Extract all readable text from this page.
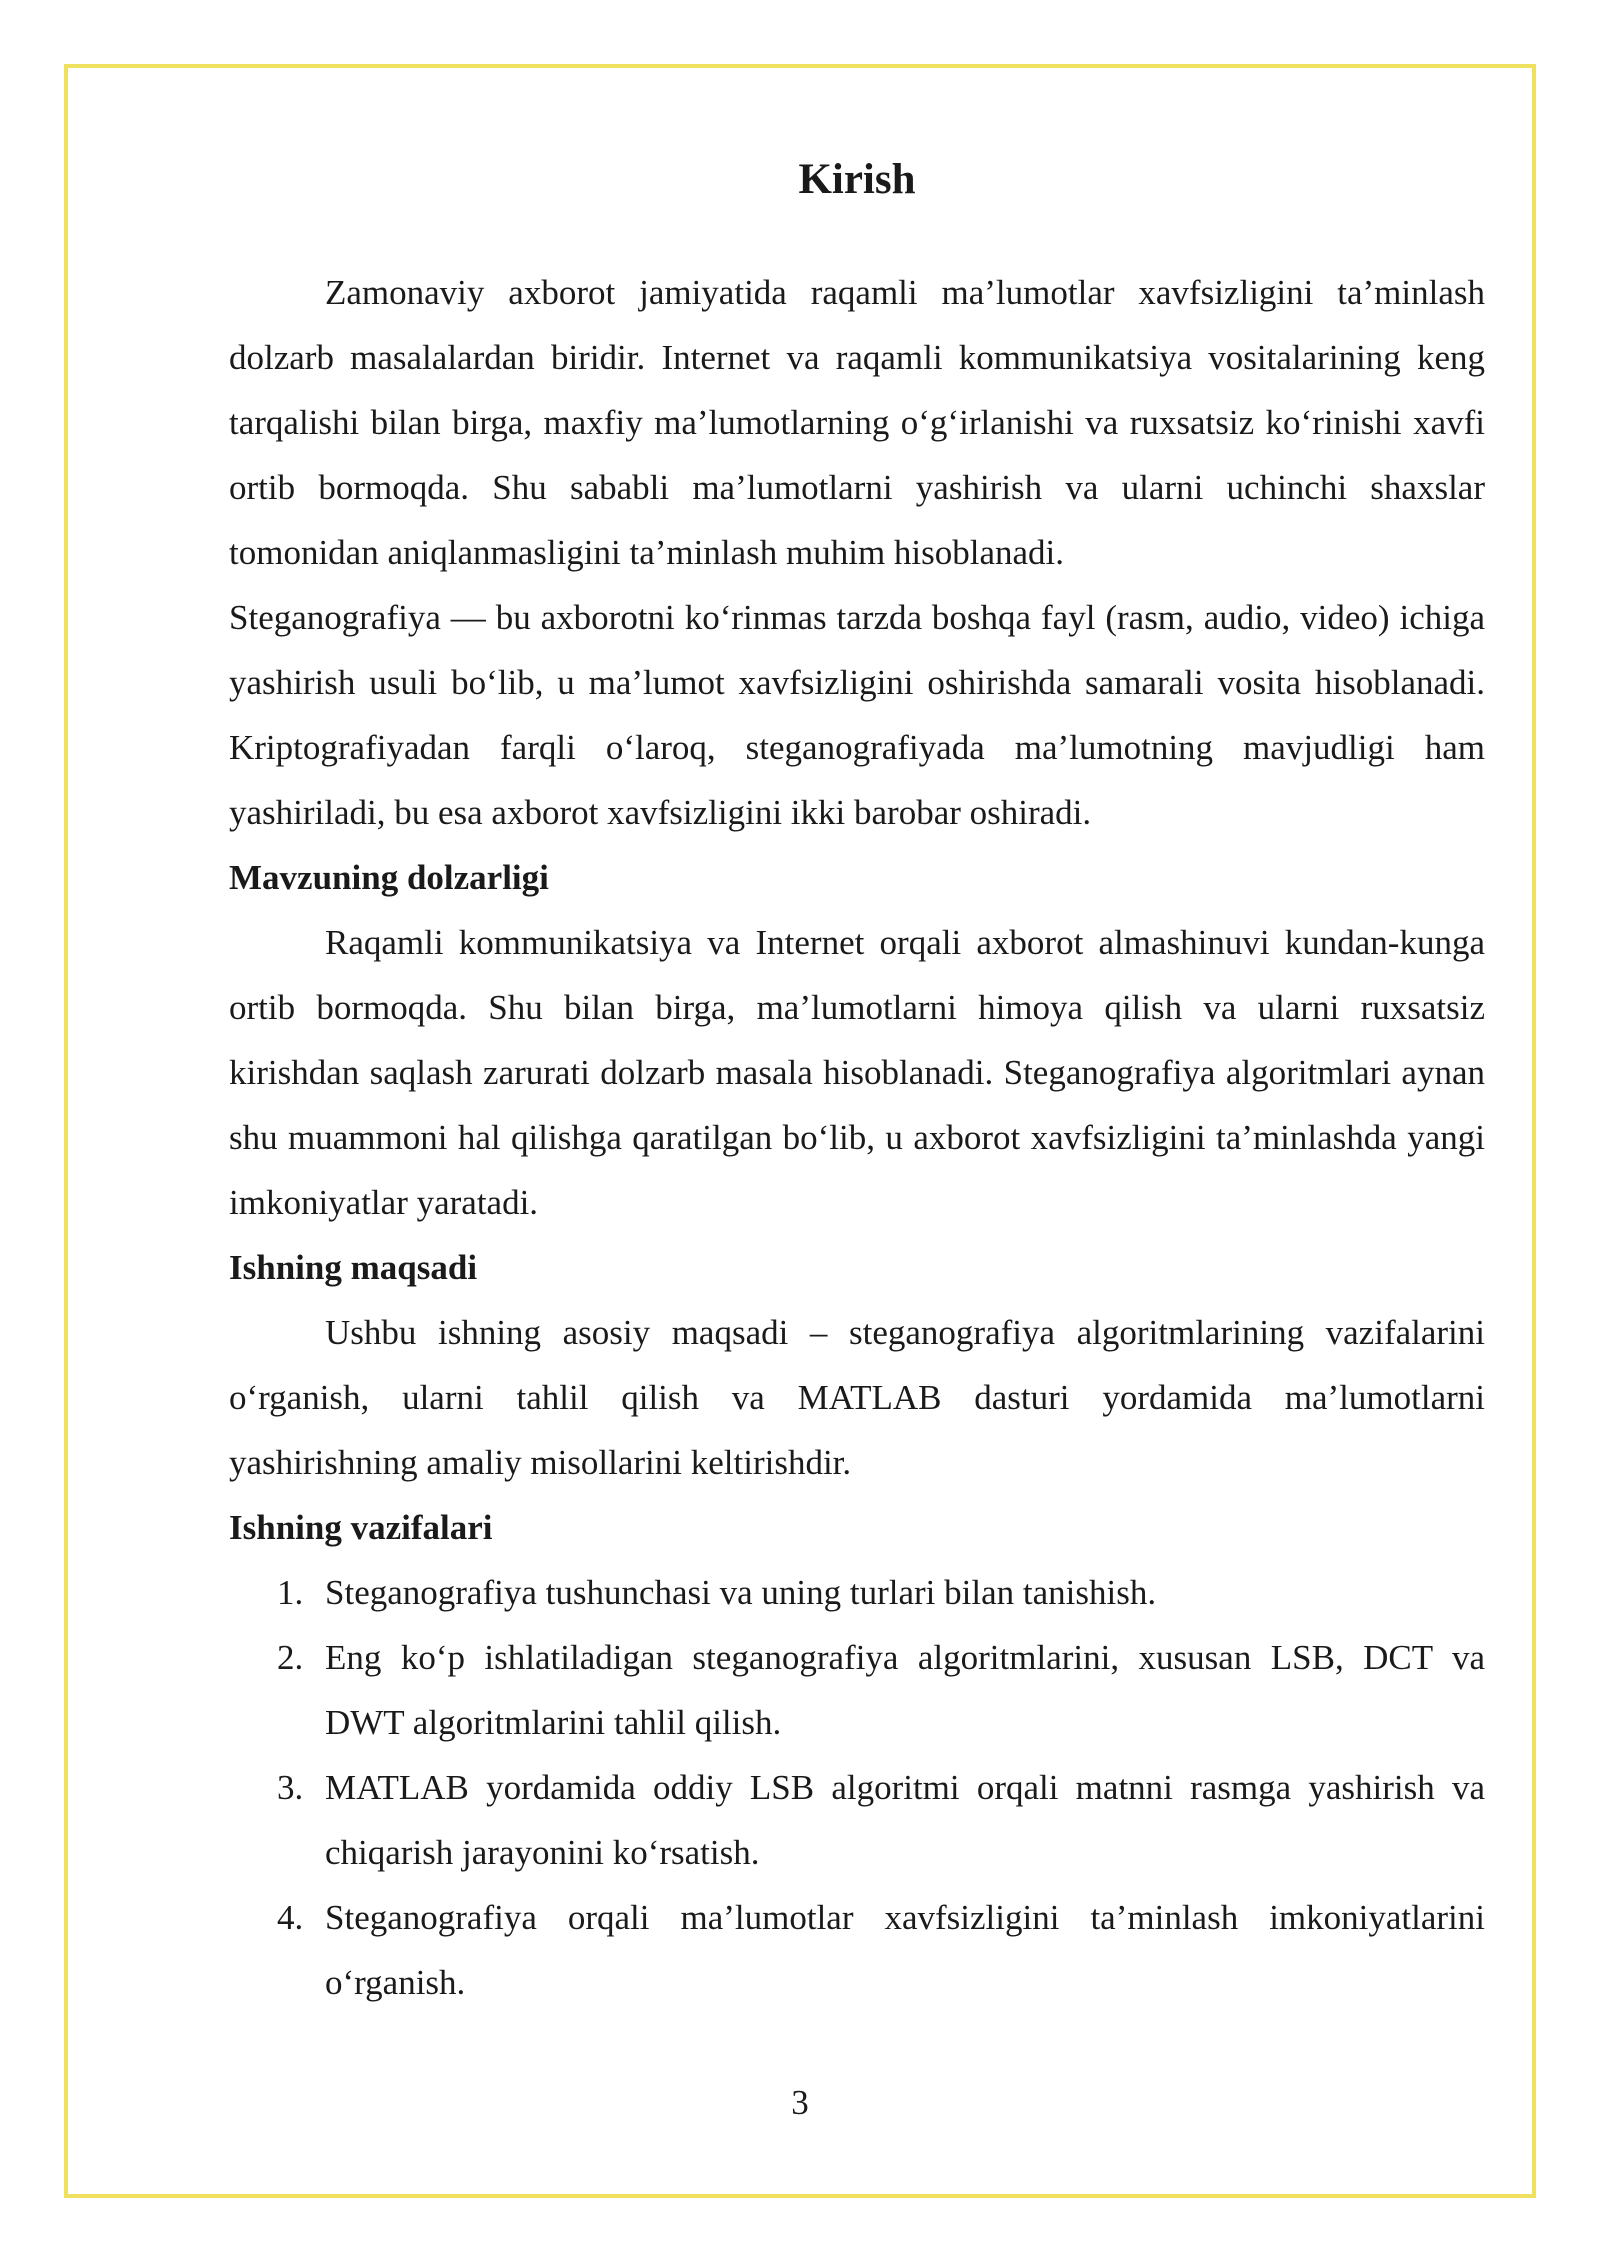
Kirish

Zamonaviy axborot jamiyatida raqamli ma’lumotlar xavfsizligini ta’minlash dolzarb masalalardan biridir. Internet va raqamli kommunikatsiya vositalarining keng tarqalishi bilan birga, maxfiy ma’lumotlarning o‘g‘irlanishi va ruxsatsiz ko‘rinishi xavfi ortib bormoqda. Shu sababli ma’lumotlarni yashirish va ularni uchinchi shaxslar tomonidan aniqlanmasligini ta’minlash muhim hisoblanadi.

Steganografiya — bu axborotni ko‘rinmas tarzda boshqa fayl (rasm, audio, video) ichiga yashirish usuli bo‘lib, u ma’lumot xavfsizligini oshirishda samarali vosita hisoblanadi. Kriptografiyadan farqli o‘laroq, steganografiyada ma’lumotning mavjudligi ham yashiriladi, bu esa axborot xavfsizligini ikki barobar oshiradi.

Mavzuning dolzarligi

Raqamli kommunikatsiya va Internet orqali axborot almashinuvi kundan-kunga ortib bormoqda. Shu bilan birga, ma’lumotlarni himoya qilish va ularni ruxsatsiz kirishdan saqlash zarurati dolzarb masala hisoblanadi. Steganografiya algoritmlari aynan shu muammoni hal qilishga qaratilgan bo‘lib, u axborot xavfsizligini ta’minlashda yangi imkoniyatlar yaratadi.

Ishning maqsadi

Ushbu ishning asosiy maqsadi – steganografiya algoritmlarining vazifalarini o‘rganish, ularni tahlil qilish va MATLAB dasturi yordamida ma’lumotlarni yashirishning amaliy misollarini keltirishdir.

Ishning vazifalari

1. Steganografiya tushunchasi va uning turlari bilan tanishish.
2. Eng ko‘p ishlatiladigan steganografiya algoritmlarini, xususan LSB, DCT va DWT algoritmlarini tahlil qilish.
3. MATLAB yordamida oddiy LSB algoritmi orqali matnni rasmga yashirish va chiqarish jarayonini ko‘rsatish.
4. Steganografiya orqali ma’lumotlar xavfsizligini ta’minlash imkoniyatlarini o‘rganish.
3
